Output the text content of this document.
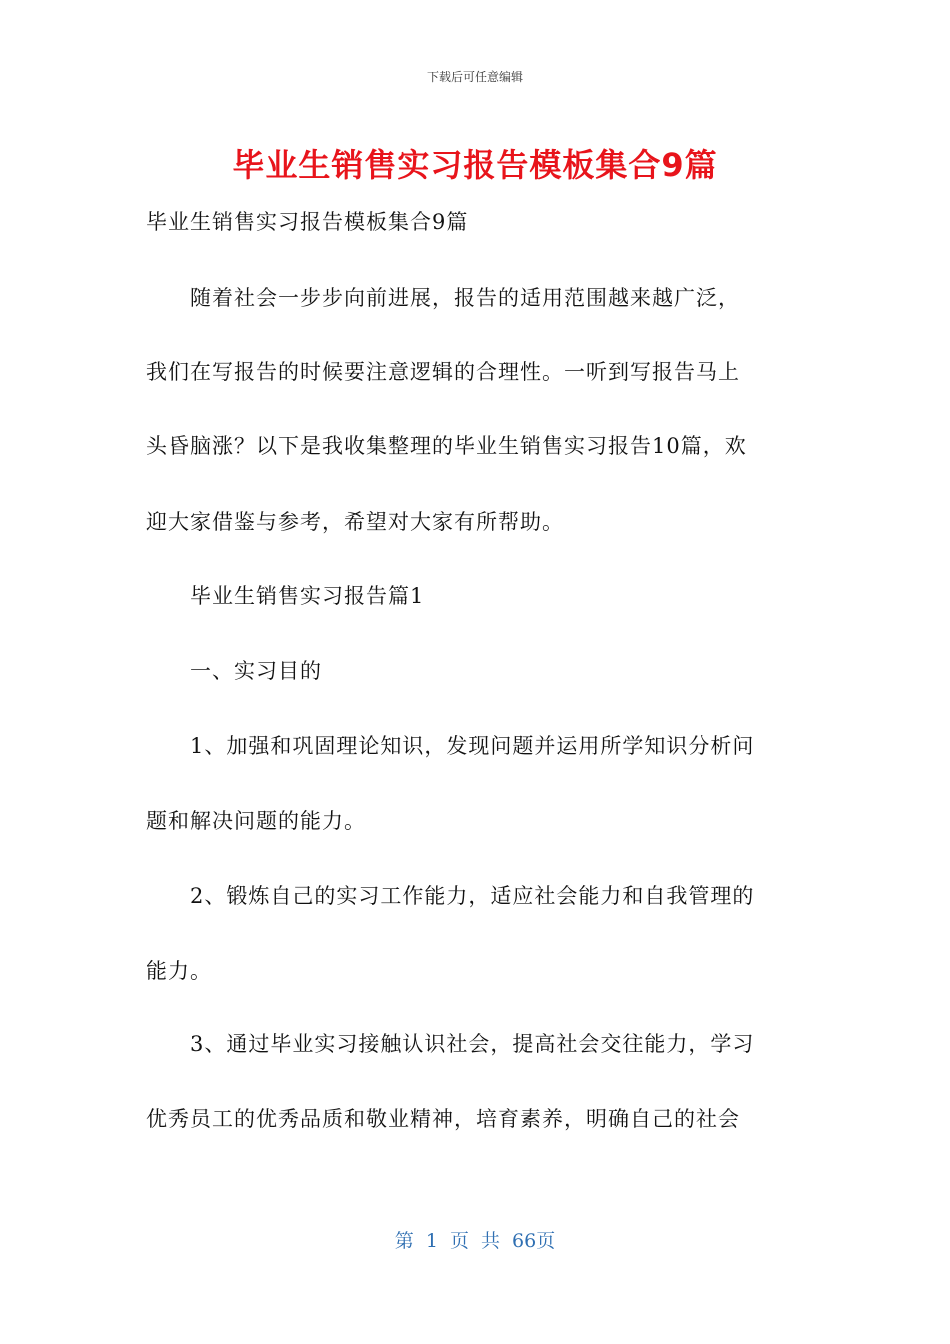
下载后可任意编辑
毕业生销售实习报告模板集合9篇
毕业生销售实习报告模板集合9篇
　　随着社会一步步向前进展，报告的适用范围越来越广泛，
我们在写报告的时候要注意逻辑的合理性。一听到写报告马上
头昏脑涨？以下是我收集整理的毕业生销售实习报告10篇，欢
迎大家借鉴与参考，希望对大家有所帮助。
　　毕业生销售实习报告篇1
　　一、实习目的
　　1、加强和巩固理论知识，发现问题并运用所学知识分析问
题和解决问题的能力。
　　2、锻炼自己的实习工作能力，适应社会能力和自我管理的
能力。
　　3、通过毕业实习接触认识社会，提高社会交往能力，学习
优秀员工的优秀品质和敬业精神，培育素养，明确自己的社会
第 1 页 共 66页
